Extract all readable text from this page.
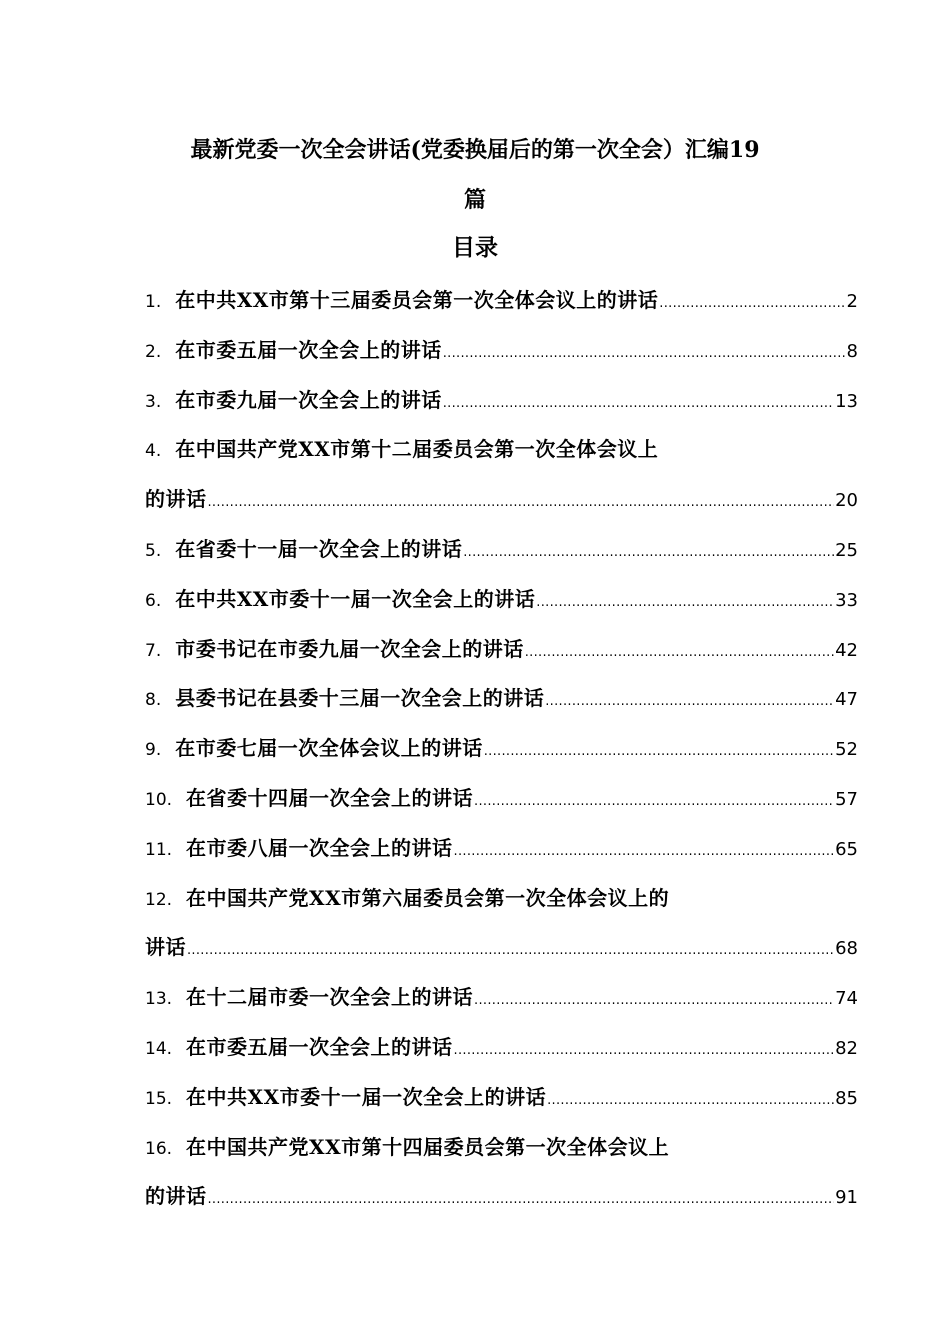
最新党委一次全会讲话(党委换届后的第一次全会）汇编19
篇
目录
1. 在中共XX市第十三届委员会第一次全体会议上的讲话 .....	2
2. 在市委五届一次全会上的讲话 .....	8
3. 在市委九届一次全会上的讲话 .....	13
4. 在中国共产党XX市第十二届委员会第一次全体会议上
的讲话 .....	20
5. 在省委十一届一次全会上的讲话 .....	25
6. 在中共XX市委十一届一次全会上的讲话 .....	33
7. 市委书记在市委九届一次全会上的讲话 .....	42
8. 县委书记在县委十三届一次全会上的讲话 .....	47
9. 在市委七届一次全体会议上的讲话 .....	52
10. 在省委十四届一次全会上的讲话 .....	57
11. 在市委八届一次全会上的讲话 .....	65
12. 在中国共产党XX市第六届委员会第一次全体会议上的
讲话 .....	68
13. 在十二届市委一次全会上的讲话 .....	74
14. 在市委五届一次全会上的讲话 .....	82
15. 在中共XX市委十一届一次全会上的讲话 .....	85
16. 在中国共产党XX市第十四届委员会第一次全体会议上
的讲话 .....	91
